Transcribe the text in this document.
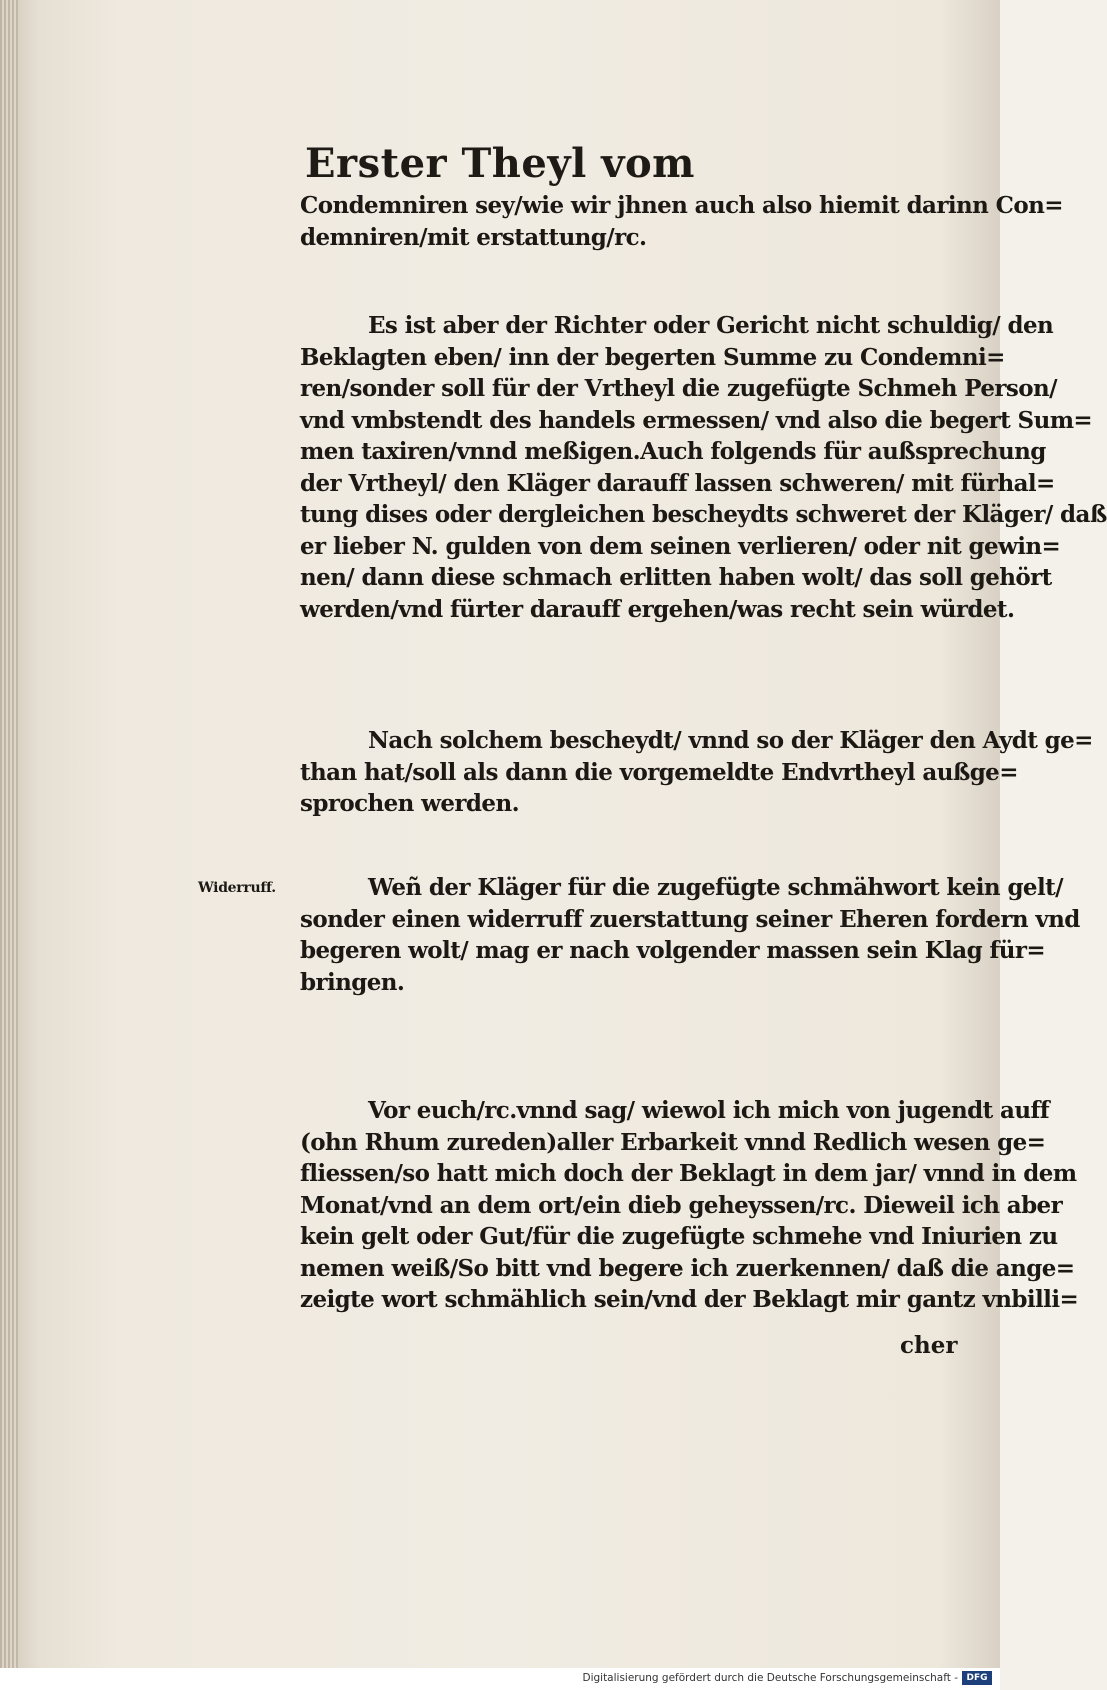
Erster Theyl vom
Condemniren sey/wie wir jhnen auch also hiemit darinn Con=
demniren/mit erstattung/rc.
Es ist aber der Richter oder Gericht nicht schuldig/ den
Beklagten eben/ inn der begerten Summe zu Condemni=
ren/sonder soll für der Vrtheyl die zugefügte Schmeh Person/
vnd vmbstendt des handels ermessen/ vnd also die begert Sum=
men taxiren/vnnd meßigen.Auch folgends für außsprechung
der Vrtheyl/ den Kläger darauff lassen schweren/ mit fürhal=
tung dises oder dergleichen bescheydts schweret der Kläger/ daß
er lieber N. gulden von dem seinen verlieren/ oder nit gewin=
nen/ dann diese schmach erlitten haben wolt/ das soll gehört
werden/vnd fürter darauff ergehen/was recht sein würdet.
Nach solchem bescheydt/ vnnd so der Kläger den Aydt ge=
than hat/soll als dann die vorgemeldte Endvrtheyl außge=
sprochen werden.
Widerruff.	Weñ der Kläger für die zugefügte schmähwort kein gelt/
sonder einen widerruff zuerstattung seiner Eheren fordern vnd
begeren wolt/ mag er nach volgender massen sein Klag für=
bringen.
Vor euch/rc.vnnd sag/ wiewol ich mich von jugendt auff
(ohn Rhum zureden)aller Erbarkeit vnnd Redlich wesen ge=
fliessen/so hatt mich doch der Beklagt in dem jar/ vnnd in dem
Monat/vnd an dem ort/ein dieb geheyssen/rc. Dieweil ich aber
kein gelt oder Gut/für die zugefügte schmehe vnd Iniurien zu
nemen weiß/So bitt vnd begere ich zuerkennen/ daß die ange=
zeigte wort schmählich sein/vnd der Beklagt mir gantz vnbilli=
cher
Digitalisierung gefördert durch die Deutsche Forschungsgemeinschaft - DFG
